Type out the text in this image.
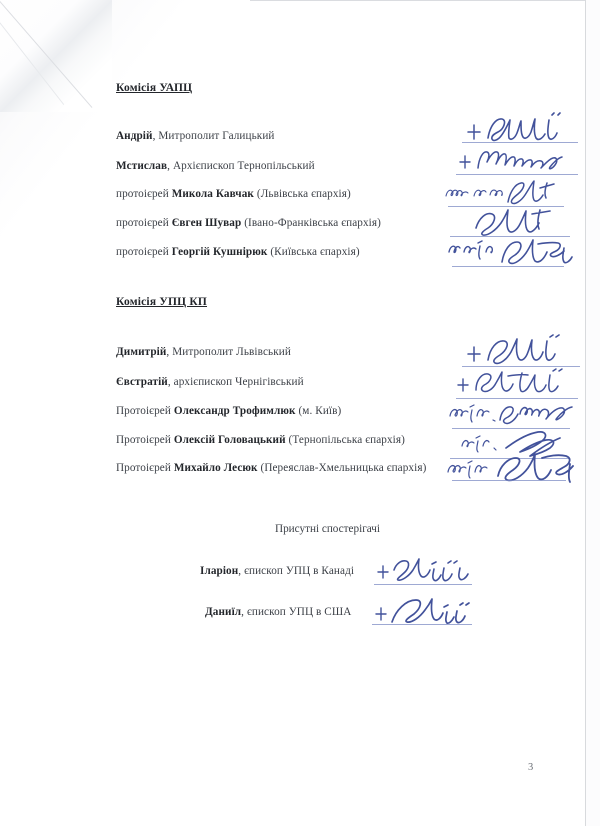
Комісія УАПЦ
Андрій, Митрополит Галицький
Мстислав, Архієпископ Тернопільський
протоієрей Микола Кавчак (Львівська єпархія)
протоієрей Євген Шувар (Івано-Франківська єпархія)
протоієрей Георгій Кушнірюк (Київська єпархія)
Комісія УПЦ КП
Димитрій, Митрополит Львівський
Євстратій, архієпископ Чернігівський
Протоієрей Олександр Трофимлюк (м. Київ)
Протоієрей Олексій Головацький (Тернопільська єпархія)
Протоієрей Михайло Лесюк (Переяслав-Хмельницька єпархія)
Присутні спостерігачі
Іларіон, єпископ УПЦ в Канаді
Даниїл, єпископ УПЦ в США
3
